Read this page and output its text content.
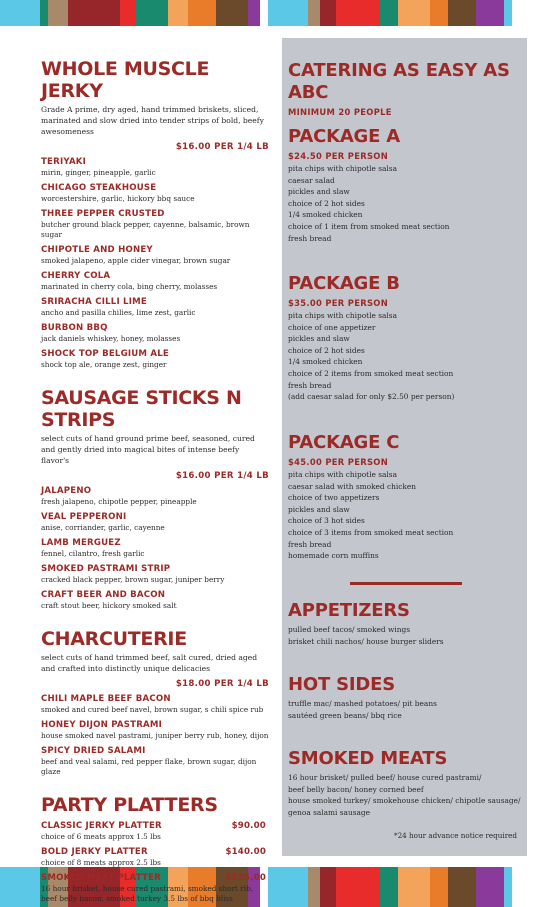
WHOLE MUSCLE JERKY

Grade A prime, dry aged, hand trimmed briskets, sliced, marinated and slow dried into tender strips of bold, beefy awesomeness

$16.00 PER 1/4 LB

TERIYAKI
mirin, ginger, pineapple, garlic
CHICAGO STEAKHOUSE
worcestershire, garlic, hickory bbq sauce
THREE PEPPER CRUSTED
butcher ground black pepper, cayenne, balsamic, brown sugar
CHIPOTLE AND HONEY
smoked jalapeno, apple cider vinegar, brown sugar
CHERRY COLA
marinated in cherry cola, bing cherry, molasses
SRIRACHA CILLI LIME
ancho and pasilla chilies, lime zest, garlic
BURBON BBQ
jack daniels whiskey, honey, molasses
SHOCK TOP BELGIUM ALE
shock top ale, orange zest, ginger
SAUSAGE STICKS N STRIPS

select cuts of hand ground prime beef, seasoned, cured and gently dried into magical bites of intense beefy flavor's

$16.00 PER 1/4 LB

JALAPENO
fresh jalapeno, chipotle pepper, pineapple
VEAL PEPPERONI
anise, corriander, garlic, cayenne
LAMB MERGUEZ
fennel, cilantro, fresh garlic
SMOKED PASTRAMI STRIP
cracked black pepper, brown sugar, juniper berry
CRAFT BEER AND BACON
craft stout beer, hickory smoked salt
CHARCUTERIE

select cuts of hand trimmed beef, salt cured, dried aged and crafted into distinctly unique delicacies

$18.00 PER 1/4 LB

CHILI MAPLE BEEF BACON
smoked and cured beef navel, brown sugar, s chili spice rub
HONEY DIJON PASTRAMI
house smoked navel pastrami, juniper berry rub, honey, dijon
SPICY DRIED SALAMI
beef and veal salami, red pepper flake, brown sugar, dijon glaze
PARTY PLATTERS
CLASSIC JERKY PLATTER	$90.00
choice of 6 meats approx 1.5 lbs
BOLD JERKY PLATTER	$140.00
choice of 8 meats approx 2.5 lbs
SMOKED MEAT PLATTER	$135.00
16 hour brisket, house cured pastrami, smoked short rib, beef belly bacon, smoked turkey 3.5 lbs of bbq bliss
CATERING AS EASY AS ABC
MINIMUM 20 PEOPLE
PACKAGE A
$24.50 PER PERSON
pita chips with chipotle salsa
caesar salad
pickles and slaw
choice of 2 hot sides
1/4 smoked chicken
choice of 1 item from smoked meat section
fresh bread
PACKAGE B
$35.00 PER PERSON
pita chips with chipotle salsa
choice of one appetizer
pickles and slaw
choice of 2 hot sides
1/4 smoked chicken
choice of 2 items from smoked meat section
fresh bread
(add caesar salad for only $2.50 per person)
PACKAGE C
$45.00 PER PERSON
pita chips with chipotle salsa
caesar salad with smoked chicken
choice of two appetizers
pickles and slaw
choice of 3 hot sides
choice of 3 items from smoked meat section
fresh bread
homemade corn muffins
APPETIZERS
pulled beef tacos/ smoked wings
brisket chili nachos/ house burger sliders
HOT SIDES
truffle mac/ mashed potatoes/ pit beans
sautéed green beans/ bbq rice
SMOKED MEATS
16 hour brisket/ pulled beef/ house cured pastrami/
beef belly bacon/ honey corned beef
house smoked turkey/ smokehouse chicken/ chipotle sausage/
genoa salami sausage
*24 hour advance notice required
